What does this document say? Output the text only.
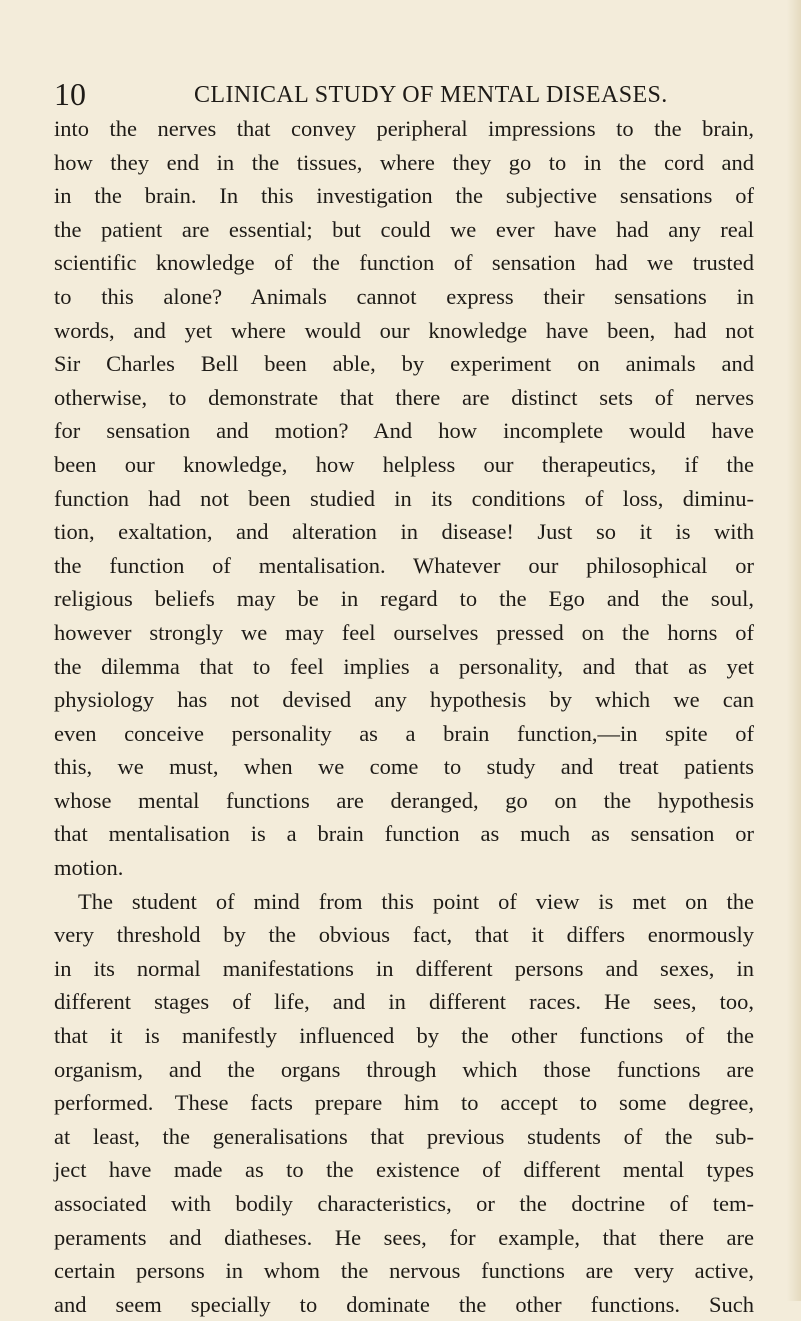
10	CLINICAL STUDY OF MENTAL DISEASES.
into the nerves that convey peripheral impressions to the brain,
how they end in the tissues, where they go to in the cord and
in the brain. In this investigation the subjective sensations of
the patient are essential; but could we ever have had any real
scientific knowledge of the function of sensation had we trusted
to this alone? Animals cannot express their sensations in
words, and yet where would our knowledge have been, had not
Sir Charles Bell been able, by experiment on animals and
otherwise, to demonstrate that there are distinct sets of nerves
for sensation and motion? And how incomplete would have
been our knowledge, how helpless our therapeutics, if the
function had not been studied in its conditions of loss, diminu-
tion, exaltation, and alteration in disease! Just so it is with
the function of mentalisation. Whatever our philosophical or
religious beliefs may be in regard to the Ego and the soul,
however strongly we may feel ourselves pressed on the horns of
the dilemma that to feel implies a personality, and that as yet
physiology has not devised any hypothesis by which we can
even conceive personality as a brain function,—in spite of
this, we must, when we come to study and treat patients
whose mental functions are deranged, go on the hypothesis
that mentalisation is a brain function as much as sensation or
motion.
The student of mind from this point of view is met on the
very threshold by the obvious fact, that it differs enormously
in its normal manifestations in different persons and sexes, in
different stages of life, and in different races. He sees, too,
that it is manifestly influenced by the other functions of the
organism, and the organs through which those functions are
performed. These facts prepare him to accept to some degree,
at least, the generalisations that previous students of the sub-
ject have made as to the existence of different mental types
associated with bodily characteristics, or the doctrine of tem-
peraments and diatheses. He sees, for example, that there are
certain persons in whom the nervous functions are very active,
and seem specially to dominate the other functions. Such
